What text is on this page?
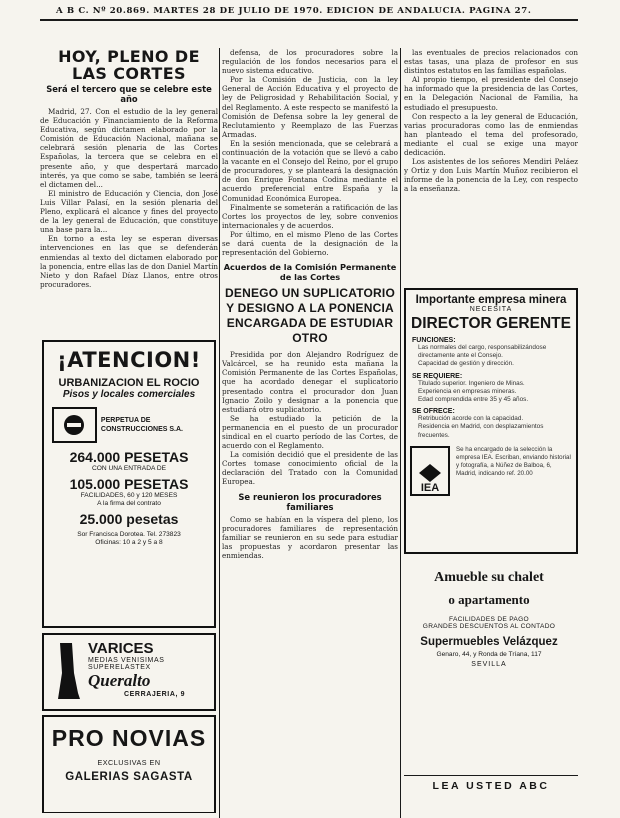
A B C. Nº 20.869. MARTES 28 DE JULIO DE 1970. EDICION DE ANDALUCIA. PAGINA 27.
HOY, PLENO DE LAS CORTES
Será el tercero que se celebre este año

Madrid, 27. Con el estudio de la ley general de Educación y Financiamiento de la Reforma Educativa, según dictamen elaborado por la Comisión de Educación Nacional, mañana se celebrará sesión plenaria de las Cortes Españolas, la tercera que se celebra en el presente año, y que despertará marcado interés, ya que como se sabe, también se leerá el dictamen del...

El ministro de Educación y Ciencia, don José Luis Villar Palasí, en la sesión plenaria del Pleno, explicará el alcance y fines del proyecto de la ley general de Educación, que constituye una base para la...

En torno a esta ley se esperan diversas intervenciones en las que se defenderán enmiendas al texto del dictamen elaborado por la ponencia, entre ellas las de don Daniel Martín Nieto y don Rafael Díaz Llanos, entre otros procuradores.

¡ATENCION!
URBANIZACION EL ROCIO
Pisos y locales comerciales
PERPETUA DE CONSTRUCCIONES S.A.
264.000 PESETAS
CON UNA ENTRADA DE
105.000 PESETAS
FACILIDADES, 60 y 120 MESES
A la firma del contrato
25.000 pesetas
Sor Francisca Dorotea. Tel. 273823
Oficinas: 10 a 2 y 5 a 8
VARICES
MEDIAS VENISIMAS SUPERELASTEX
Queralto
CERRAJERIA, 9
PRO NOVIAS
EXCLUSIVAS EN
GALERIAS SAGASTA

defensa, de los procuradores sobre la regulación de los fondos necesarios para el nuevo sistema educativo.

Por la Comisión de Justicia, con la ley General de Acción Educativa y el proyecto de ley de Peligrosidad y Rehabilitación Social, y del Reglamento. A este respecto se manifestó la Comisión de Defensa sobre la ley general de Reclutamiento y Reemplazo de las Fuerzas Armadas.

En la sesión mencionada, que se celebrará a continuación de la votación que se llevó a cabo la vacante en el Consejo del Reino, por el grupo de procuradores, y se planteará la designación de don Enrique Fontana Codina mediante el acuerdo preferencial entre España y la Comunidad Económica Europea.

Finalmente se someterán a ratificación de las Cortes los proyectos de ley, sobre convenios internacionales y de acuerdos.

Por último, en el mismo Pleno de las Cortes se dará cuenta de la designación de la representación del Gobierno.

Acuerdos de la Comisión Permanente de las Cortes
DENEGO UN SUPLICATORIO Y DESIGNO A LA PONENCIA ENCARGADA DE ESTUDIAR OTRO

Presidida por don Alejandro Rodríguez de Valcárcel, se ha reunido esta mañana la Comisión Permanente de las Cortes Españolas, que ha acordado denegar el suplicatorio presentado contra el procurador don Juan Ignacio Zoilo y designar a la ponencia que estudiará otro suplicatorio.

Se ha estudiado la petición de la permanencia en el puesto de un procurador sindical en el cuarto período de las Cortes, de acuerdo con el Reglamento.

La comisión decidió que el presidente de las Cortes tomase conocimiento oficial de la declaración del Tratado con la Comunidad Europea.

Se reunieron los procuradores familiares

Como se habían en la víspera del pleno, los procuradores familiares de representación familiar se reunieron en su sede para estudiar las propuestas y acordaron presentar las enmiendas.

las eventuales de precios relacionados con estas tasas, una plaza de profesor en sus distintos estatutos en las familias españolas.

Al propio tiempo, el presidente del Consejo ha informado que la presidencia de las Cortes, en la Delegación Nacional de Familia, ha estudiado el presupuesto.

Con respecto a la ley general de Educación, varias procuradoras como las de enmiendas han planteado el tema del profesorado, mediante el cual se exige una mayor dedicación.

Los asistentes de los señores Mendiri Peláez y Ortiz y don Luis Martín Muñoz recibieron el informe de la ponencia de la Ley, con respecto a la enseñanza.

Importante empresa minera
NECESITA
DIRECTOR GERENTE
FUNCIONES:
Las normales del cargo, responsabilizándose directamente ante el Consejo.
Capacidad de gestión y dirección.
SE REQUIERE:
Titulado superior. Ingeniero de Minas.
Experiencia en empresas mineras.
Edad comprendida entre 35 y 45 años.
SE OFRECE:
Retribución acorde con la capacidad.
Residencia en Madrid, con desplazamientos frecuentes.
IEA
Se ha encargado de la selección la empresa IEA. Escriban, enviando historial y fotografía, a Núñez de Balboa, 6, Madrid, indicando ref. 20.00
Amueble su chalet
o apartamento
FACILIDADES DE PAGO
GRANDES DESCUENTOS AL CONTADO
Supermuebles Velázquez
Genaro, 44, y Ronda de Tríana, 117
SEVILLA
LEA USTED ABC
